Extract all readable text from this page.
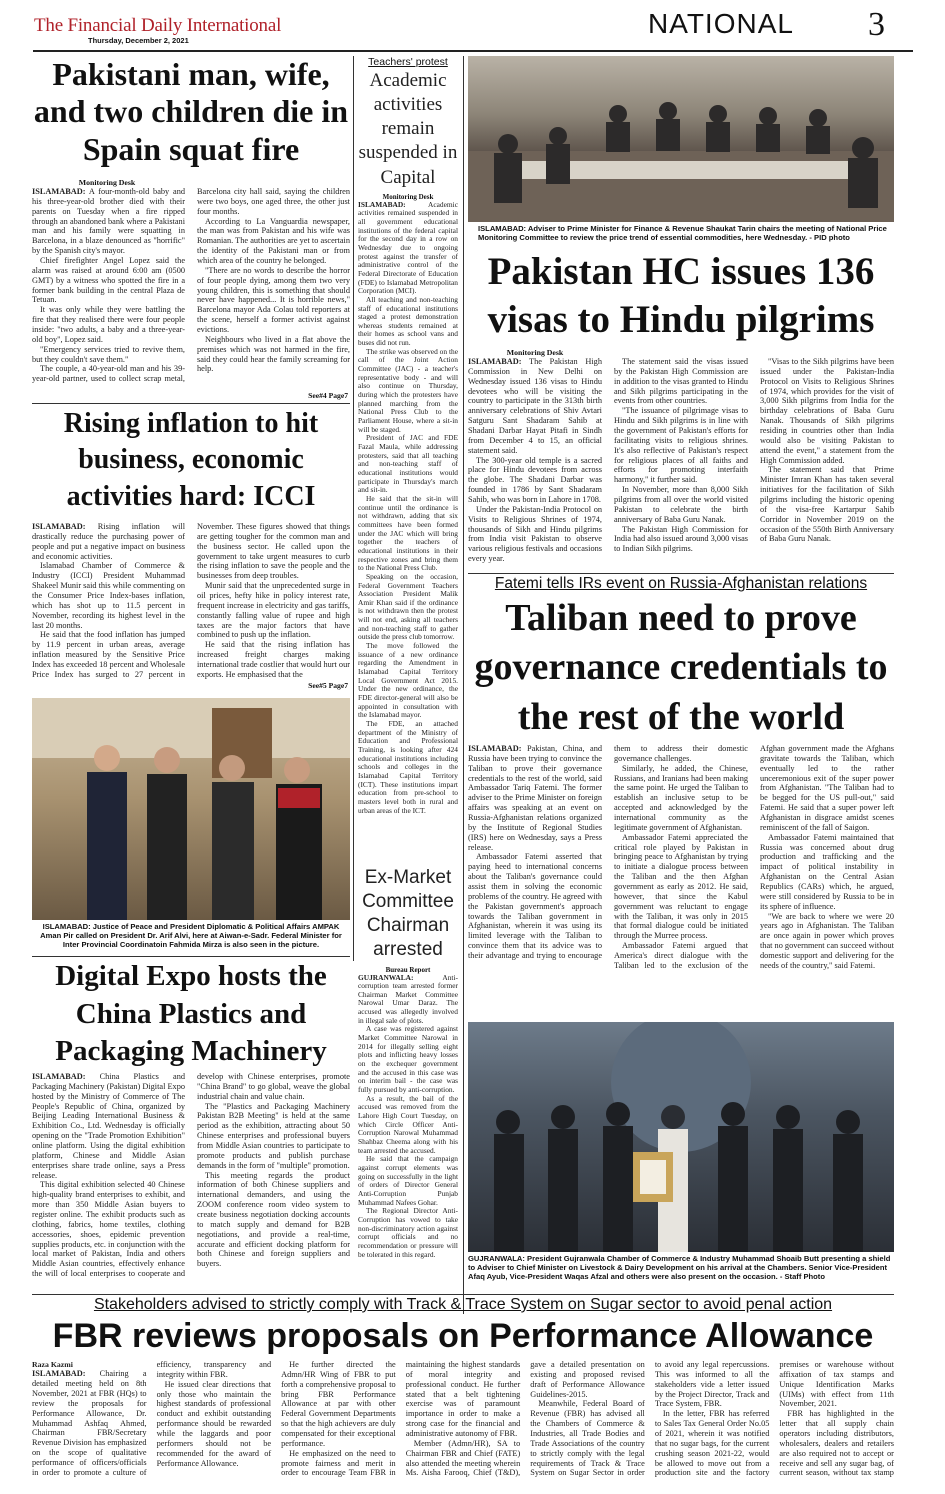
The Financial Daily International
Thursday, December 2, 2021
NATIONAL 3
Pakistani man, wife, and two children die in Spain squat fire
Monitoring Desk

ISLAMABAD: A four-month-old baby and his three-year-old brother died with their parents on Tuesday when a fire ripped through an abandoned bank where a Pakistani man and his family were squatting in Barcelona, in a blaze denounced as "horrific" by the Spanish city's mayor.

Chief firefighter Angel Lopez said the alarm was raised at around 6:00 am (0500 GMT) by a witness who spotted the fire in a former bank building in the central Plaza de Tetuan.

It was only while they were battling the fire that they realised there were four people inside: "two adults, a baby and a three-year-old boy", Lopez said.

"Emergency services tried to revive them, but they couldn't save them."

The couple, a 40-year-old man and his 39-year-old partner, used to collect scrap metal, Barcelona city hall said, saying the children were two boys, one aged three, the other just four months.

According to La Vanguardia newspaper, the man was from Pakistan and his wife was Romanian. The authorities are yet to ascertain the identity of the Pakistani man or from which area of the country he belonged.

"There are no words to describe the horror of four people dying, among them two very young children, this is something that should never have happened... It is horrible news," Barcelona mayor Ada Colau told reporters at the scene, herself a former activist against evictions.

Neighbours who lived in a flat above the premises which was not harmed in the fire, said they could hear the family screaming for help.

See#4 Page7
Teachers' protest
Academic activities remain suspended in Capital
Monitoring Desk

ISLAMABAD:	Academic activities remained suspended in all government educational institutions of the federal capital for the second day in a row on Wednesday due to ongoing protest against the transfer of administrative control of the Federal Directorate of Education (FDE) to Islamabad Metropolitan Corporation (MCI).

All teaching and non-teaching staff of educational institutions staged a protest demonstration whereas students remained at their homes as school vans and buses did not run.

The strike was observed on the call of the Joint Action Committee (JAC) - a teacher's representative body - and will also continue on Thursday, during which the protesters have planned marching from the National Press Club to the Parliament House, where a sit-in will be staged.

President of JAC and FDE Fazal Maula, while addressing protesters, said that all teaching and non-teaching staff of educational institutions would participate in Thursday's march and sit-in.

He said that the sit-in will continue until the ordinance is not withdrawn, adding that six committees have been formed under the JAC which will bring together the teachers of educational institutions in their respective zones and bring them to the National Press Club.

Speaking on the occasion, Federal Government Teachers Association President Malik Amir Khan said if the ordinance is not withdrawn then the protest will not end, asking all teachers and non-teaching staff to gather outside the press club tomorrow.

The move followed the issuance of a new ordinance regarding the Amendment in Islamabad Capital Territory Local Government Act 2015. Under the new ordinance, the FDE director-general will also be appointed in consultation with the Islamabad mayor.

The FDE, an attached department of the Ministry of Education and Professional Training, is looking after 424 educational institutions including schools and colleges in the Islamabad Capital Territory (ICT). These institutions impart education from pre-school to masters level both in rural and urban areas of the ICT.

ISLAMABAD: Adviser to Prime Minister for Finance & Revenue Shaukat Tarin chairs the meeting of National Price Monitoring Committee to review the price trend of essential commodities, here Wednesday. - PID photo
Pakistan HC issues 136 visas to Hindu pilgrims
Monitoring Desk

ISLAMABAD: The Pakistan High Commission in New Delhi on Wednesday issued 136 visas to Hindu devotees who will be visiting the country to participate in the 313th birth anniversary celebrations of Shiv Avtari Satguru Sant Shadaram Sahib at Shadani Darbar Hayat Pitafi in Sindh from December 4 to 15, an official statement said.

The 300-year old temple is a sacred place for Hindu devotees from across the globe. The Shadani Darbar was founded in 1786 by Sant Shadaram Sahib, who was born in Lahore in 1708.

Under the Pakistan-India Protocol on Visits to Religious Shrines of 1974, thousands of Sikh and Hindu pilgrims from India visit Pakistan to observe various religious festivals and occasions every year.

The statement said the visas issued by the Pakistan High Commission are in addition to the visas granted to Hindu and Sikh pilgrims participating in the events from other countries.

"The issuance of pilgrimage visas to Hindu and Sikh pilgrims is in line with the government of Pakistan's efforts for facilitating visits to religious shrines. It's also reflective of Pakistan's respect for religious places of all faiths and efforts for promoting interfaith harmony," it further said.

In November, more than 8,000 Sikh pilgrims from all over the world visited Pakistan to celebrate the birth anniversary of Baba Guru Nanak.

The Pakistan High Commission for India had also issued around 3,000 visas to Indian Sikh pilgrims.

"Visas to the Sikh pilgrims have been issued under the Pakistan-India Protocol on Visits to Religious Shrines of 1974, which provides for the visit of 3,000 Sikh pilgrims from India for the birthday celebrations of Baba Guru Nanak. Thousands of Sikh pilgrims residing in countries other than India would also be visiting Pakistan to attend the event," a statement from the High Commission added.

The statement said that Prime Minister Imran Khan has taken several initiatives for the facilitation of Sikh pilgrims including the historic opening of the visa-free Kartarpur Sahib Corridor in November 2019 on the occasion of the 550th Birth Anniversary of Baba Guru Nanak.

Rising inflation to hit business, economic activities hard: ICCI

ISLAMABAD: Rising inflation will drastically reduce the purchasing power of people and put a negative impact on business and economic activities.

Islamabad Chamber of Commerce & Industry (ICCI) President Muhammad Shakeel Munir said this while commenting on the Consumer Price Index-bases inflation, which has shot up to 11.5 percent in November, recording its highest level in the last 20 months.

He said that the food inflation has jumped by 11.9 percent in urban areas, average inflation measured by the Sensitive Price Index has exceeded 18 percent and Wholesale Price Index has surged to 27 percent in November. These figures showed that things are getting tougher for the common man and the business sector. He called upon the government to take urgent measures to curb the rising inflation to save the people and the businesses from deep troubles.

Munir said that the unprecedented surge in oil prices, hefty hike in policy interest rate, frequent increase in electricity and gas tariffs, constantly falling value of rupee and high taxes are the major factors that have combined to push up the inflation.

He said that the rising inflation has increased freight charges making international trade costlier that would hurt our exports. He emphasised that the

See#5 Page7
ISLAMABAD: Justice of Peace and President Diplomatic & Political Affairs AMPAK Aman Pir called on President Dr. Arif Alvi, here at Aiwan-e-Sadr. Federal Minister for Inter Provincial Coordinatoin Fahmida Mirza is also seen in the picture.
Ex-Market Committee Chairman arrested
Bureau Report

GUJRANWALA:	Anti-corruption team arrested former Chairman Market Committee Narowal Umar Daraz. The accused was allegedly involved in illegal sale of plots.

A case was registered against Market Committee Narowal in 2014 for illegally selling eight plots and inflicting heavy losses on the exchequer government and the accused in this case was on interim bail - the case was fully pursued by anti-corruption.

As a result, the bail of the accused was removed from the Lahore High Court Tuesday, on which Circle Officer Anti-Corruption Narowal Muhammad Shahbaz Cheema along with his team arrested the accused.

He said that the campaign against corrupt elements was going on successfully in the light of orders of Director General Anti-Corruption Punjab Muhammad Nafees Gohar.

The Regional Director Anti-Corruption has vowed to take non-discriminatory action against corrupt officials and no recommendation or pressure will be tolerated in this regard.

Fatemi tells IRs event on Russia-Afghanistan relations
Taliban need to prove governance credentials to the rest of the world

ISLAMABAD: Pakistan, China, and Russia have been trying to convince the Taliban to prove their governance credentials to the rest of the world, said Ambassador Tariq Fatemi. The former adviser to the Prime Minister on foreign affairs was speaking at an event on Russia-Afghanistan relations organized by the Institute of Regional Studies (IRS) here on Wednesday, says a Press release.

Ambassador Fatemi asserted that paying heed to international concerns about the Taliban's governance could assist them in solving the economic problems of the country. He agreed with the Pakistan government's approach towards the Taliban government in Afghanistan, wherein it was using its limited leverage with the Taliban to convince them that its advice was to their advantage and trying to encourage them to address their domestic governance challenges.

Similarly, he added, the Chinese, Russians, and Iranians had been making the same point. He urged the Taliban to establish an inclusive setup to be accepted and acknowledged by the international community as the legitimate government of Afghanistan.

Ambassador Fatemi appreciated the critical role played by Pakistan in bringing peace to Afghanistan by trying to initiate a dialogue process between the Taliban and the then Afghan government as early as 2012. He said, however, that since the Kabul government was reluctant to engage with the Taliban, it was only in 2015 that formal dialogue could be initiated through the Murree process.

Ambassador Fatemi argued that America's direct dialogue with the Taliban led to the exclusion of the Afghan government made the Afghans gravitate towards the Taliban, which eventually led to the rather unceremonious exit of the super power from Afghanistan. "The Taliban had to be begged for the US pull-out," said Fatemi. He said that a super power left Afghanistan in disgrace amidst scenes reminiscent of the fall of Saigon.

Ambassador Fatemi maintained that Russia was concerned about drug production and trafficking and the impact of political instability in Afghanistan on the Central Asian Republics (CARs) which, he argued, were still considered by Russia to be in its sphere of influence.

"We are back to where we were 20 years ago in Afghanistan. The Taliban are once again in power which proves that no government can succeed without domestic support and delivering for the needs of the country," said Fatemi.

Digital Expo hosts the China Plastics and Packaging Machinery

ISLAMABAD: China Plastics and Packaging Machinery (Pakistan) Digital Expo hosted by the Ministry of Commerce of The People's Republic of China, organized by Beijing Leading International Business & Exhibition Co., Ltd. Wednesday is officially opening on the "Trade Promotion Exhibition" online platform. Using the digital exhibition platform, Chinese and Middle Asian enterprises share trade online, says a Press release.

This digital exhibition selected 40 Chinese high-quality brand enterprises to exhibit, and more than 350 Middle Asian buyers to register online. The exhibit products such as clothing, fabrics, home textiles, clothing accessories, shoes, epidemic prevention supplies products, etc. in conjunction with the local market of Pakistan, India and others Middle Asian countries, effectively enhance the will of local enterprises to cooperate and develop with Chinese enterprises, promote "China Brand" to go global, weave the global industrial chain and value chain.

The "Plastics and Packaging Machinery Pakistan B2B Meeting" is held at the same period as the exhibition, attracting about 50 Chinese enterprises and professional buyers from Middle Asian countries to participate to promote products and publish purchase demands in the form of "multiple" promotion.

This meeting regards the product information of both Chinese suppliers and international demanders, and using the ZOOM conference room video system to create business negotiation docking accounts to match supply and demand for B2B negotiations, and provide a real-time, accurate and efficient docking platform for both Chinese and foreign suppliers and buyers.

GUJRANWALA: President Gujranwala Chamber of Commerce & Industry Muhammad Shoaib Butt presenting a shield to Adviser to Chief Minister on Livestock & Dairy Development on his arrival at the Chambers. Senior Vice-President Afaq Ayub, Vice-President Waqas Afzal and others were also present on the occasion. - Staff Photo
Stakeholders advised to strictly comply with Track & Trace System on Sugar sector to avoid penal action
FBR reviews proposals on Performance Allowance
Raza Kazmi

ISLAMABAD: Chairing a detailed meeting held on 8th November, 2021 at FBR (HQs) to review the proposals for Performance Allowance, Dr. Muhammad Ashfaq Ahmed, Chairman FBR/Secretary Revenue Division has emphasized on the scope of qualitative performance of officers/officials in order to promote a culture of efficiency, transparency and integrity within FBR.

He issued clear directions that only those who maintain the highest standards of professional conduct and exhibit outstanding performance should be rewarded while the laggards and poor performers should not be recommended for the award of Performance Allowance.

He further directed the Admn/HR Wing of FBR to put forth a comprehensive proposal to bring FBR Performance Allowance at par with other Federal Government Departments so that the high achievers are duly compensated for their exceptional performance.

He emphasized on the need to promote fairness and merit in order to encourage Team FBR in maintaining the highest standards of moral integrity and professional conduct. He further stated that a belt tightening exercise was of paramount importance in order to make a strong case for the financial and administrative autonomy of FBR.

Member (Admn/HR), SA to Chairman FBR and Chief (FATE) also attended the meeting wherein Ms. Aisha Farooq, Chief (T&D), gave a detailed presentation on existing and proposed revised draft of Performance Allowance Guidelines-2015.

Meanwhile, Federal Board of Revenue (FBR) has advised all the Chambers of Commerce & Industries, all Trade Bodies and Trade Associations of the country to strictly comply with the legal requirements of Track & Trace System on Sugar Sector in order to avoid any legal repercussions. This was informed to all the stakeholders vide a letter issued by the Project Director, Track and Trace System, FBR.

In the letter, FBR has referred to Sales Tax General Order No.05 of 2021, wherein it was notified that no sugar bags, for the current crushing season 2021-22, would be allowed to move out from a production site and the factory premises or warehouse without affixation of tax stamps and Unique Identification Marks (UIMs) with effect from 11th November, 2021.

FBR has highlighted in the letter that all supply chain operators including distributors, wholesalers, dealers and retailers are also required not to accept or receive and sell any sugar bag, of current season, without tax stamp
